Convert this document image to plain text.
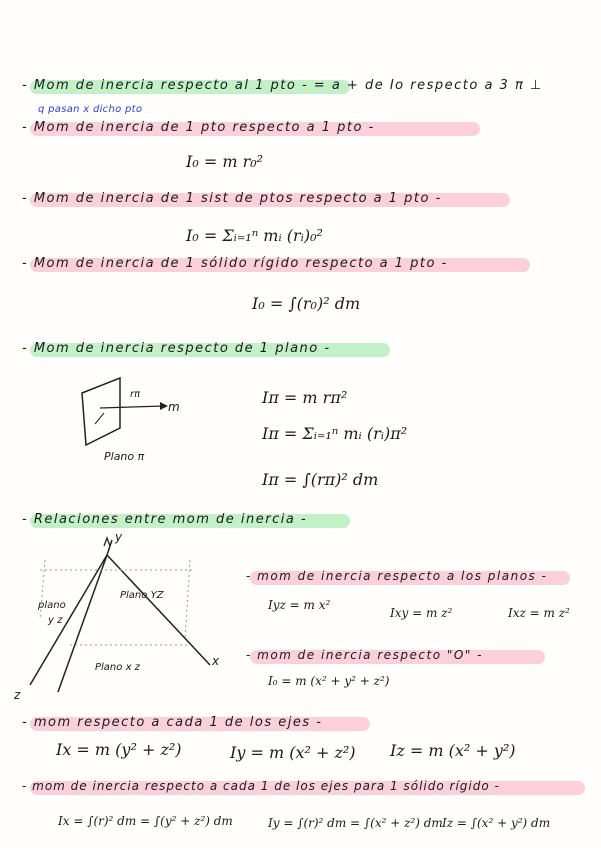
- Mom de inercia respecto al 1 pto - = a + de Io respecto a 3 π ⊥
q pasan x dicho pto
- Mom de inercia de 1 pto respecto a 1 pto -
I₀ = m r₀²
- Mom de inercia de 1 sist de ptos respecto a 1 pto -
I₀ = Σᵢ₌₁ⁿ mᵢ (rᵢ)₀²
- Mom de inercia de 1 sólido rígido respecto a 1 pto -
I₀ = ∫(r₀)² dm
- Mom de inercia respecto de 1 plano -
rπ
m
Plano π
Iπ = m rπ²
Iπ = Σᵢ₌₁ⁿ mᵢ (rᵢ)π²
Iπ = ∫(rπ)² dm
- Relaciones entre mom de inercia -
y
x
z
plano
y z
Plano YZ
Plano x z
- mom de inercia respecto a los planos -
Iyz = m x²
Ixy = m z²	Ixz = m z²
- mom de inercia respecto "O" -
I₀ = m (x² + y² + z²)
- mom respecto a cada 1 de los ejes -
Ix = m (y² + z²)	Iy = m (x² + z²) Iz = m (x² + y²)
- mom de inercia respecto a cada 1 de los ejes para 1 sólido rígido -
Ix = ∫(r)² dm = ∫(y² + z²) dm	Iy = ∫(r)² dm = ∫(x² + z²) dm Iz = ∫(x² + y²) dm
